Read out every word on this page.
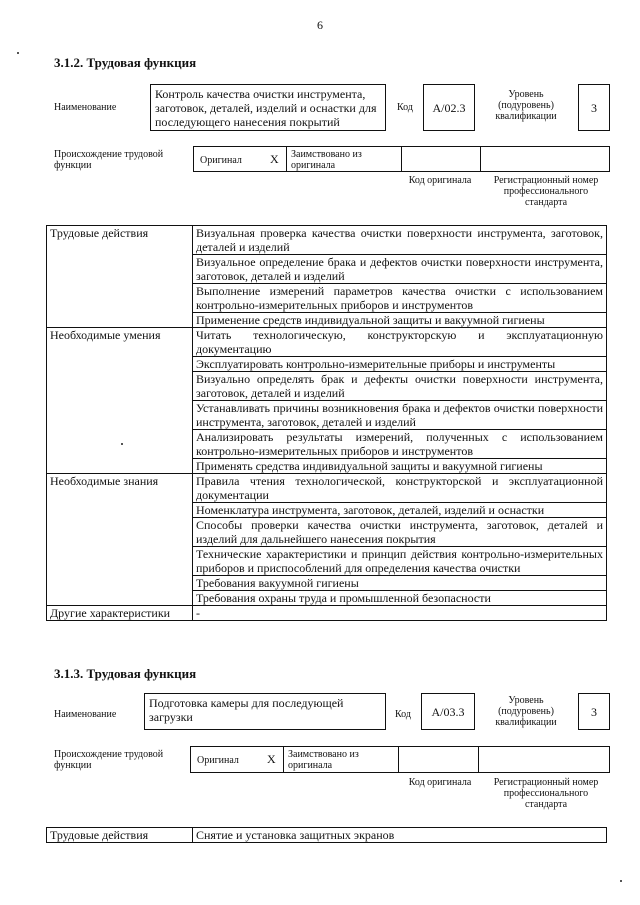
6
3.1.2. Трудовая функция
Наименование
Контроль качества очистки инструмента, заготовок, деталей, изделий и оснастки для последующего нанесения покрытий
Код	А/02.3
Уровень (подуровень) квалификации
3
Происхождение трудовой функции	Оригинал X Заимствовано из оригинала
Код оригинала	Регистрационный номер профессионального стандарта
Трудовые действия	Визуальная проверка качества очистки поверхности инструмента, заготовок, деталей и изделий
	Визуальное определение брака и дефектов очистки поверхности инструмента, заготовок, деталей и изделий
	Выполнение измерений параметров качества очистки с использованием контрольно-измерительных приборов и инструментов
	Применение средств индивидуальной защиты и вакуумной гигиены
Необходимые умения	Читать технологическую, конструкторскую и эксплуатационную документацию
	Эксплуатировать контрольно-измерительные приборы и инструменты
	Визуально определять брак и дефекты очистки поверхности инструмента, заготовок, деталей и изделий
	Устанавливать причины возникновения брака и дефектов очистки поверхности инструмента, заготовок, деталей и изделий
	Анализировать результаты измерений, полученных с использованием контрольно-измерительных приборов и инструментов
	Применять средства индивидуальной защиты и вакуумной гигиены
Необходимые знания	Правила чтения технологической, конструкторской и эксплуатационной документации
	Номенклатура инструмента, заготовок, деталей, изделий и оснастки
	Способы проверки качества очистки инструмента, заготовок, деталей и изделий для дальнейшего нанесения покрытия
	Технические характеристики и принцип действия контрольно-измерительных приборов и приспособлений для определения качества очистки
	Требования вакуумной гигиены
	Требования охраны труда и промышленной безопасности
Другие характеристики	-
3.1.3. Трудовая функция
Наименование
Подготовка камеры для последующей загрузки	Код	А/03.3
Уровень (подуровень) квалификации
3
Происхождение трудовой функции	Оригинал X Заимствовано из оригинала
Код оригинала	Регистрационный номер профессионального стандарта
Трудовые действия	Снятие и установка защитных экранов
